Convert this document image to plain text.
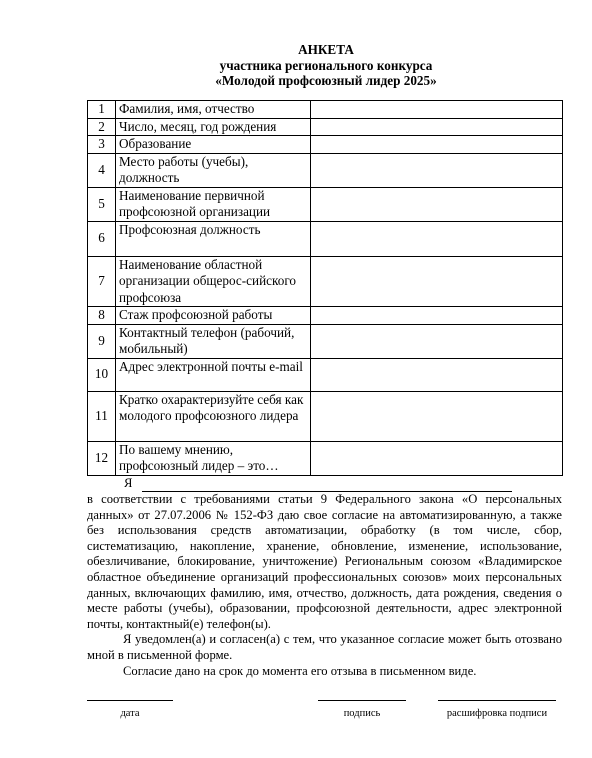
АНКЕТА
участника регионального конкурса
«Молодой профсоюзный лидер 2025»
1	Фамилия, имя, отчество	
2	Число, месяц, год рождения	
3	Образование	
4	Место работы (учебы), должность	
5	Наименование первичной профсоюзной организации	
6	Профсоюзная должность	
7	Наименование областной организации общерос-сийского профсоюза	
8	Стаж профсоюзной работы	
9	Контактный телефон (рабочий, мобильный)	
10	Адрес электронной почты e-mail	
11	Кратко охарактеризуйте себя как молодого профсоюзного лидера	
12	По вашему мнению, профсоюзный лидер – это…	
Я

в соответствии с требованиями статьи 9 Федерального закона «О персональных данных» от 27.07.2006 № 152-ФЗ даю свое согласие на автоматизированную, а также без использования средств автоматизации, обработку (в том числе, сбор, систематизацию, накопление, хранение, обновление, изменение, использование, обезличивание, блокирование, уничтожение) Региональным союзом «Владимирское областное объединение организаций профессиональных союзов» моих персональных данных, включающих фамилию, имя, отчество, должность, дата рождения, сведения о месте работы (учебы), образовании, профсоюзной деятельности, адрес электронной почты, контактный(е) телефон(ы).

Я уведомлен(а) и согласен(а) с тем, что указанное согласие может быть отозвано мной в письменной форме.

Согласие дано на срок до момента его отзыва в письменном виде.

дата	подпись	расшифровка подписи
